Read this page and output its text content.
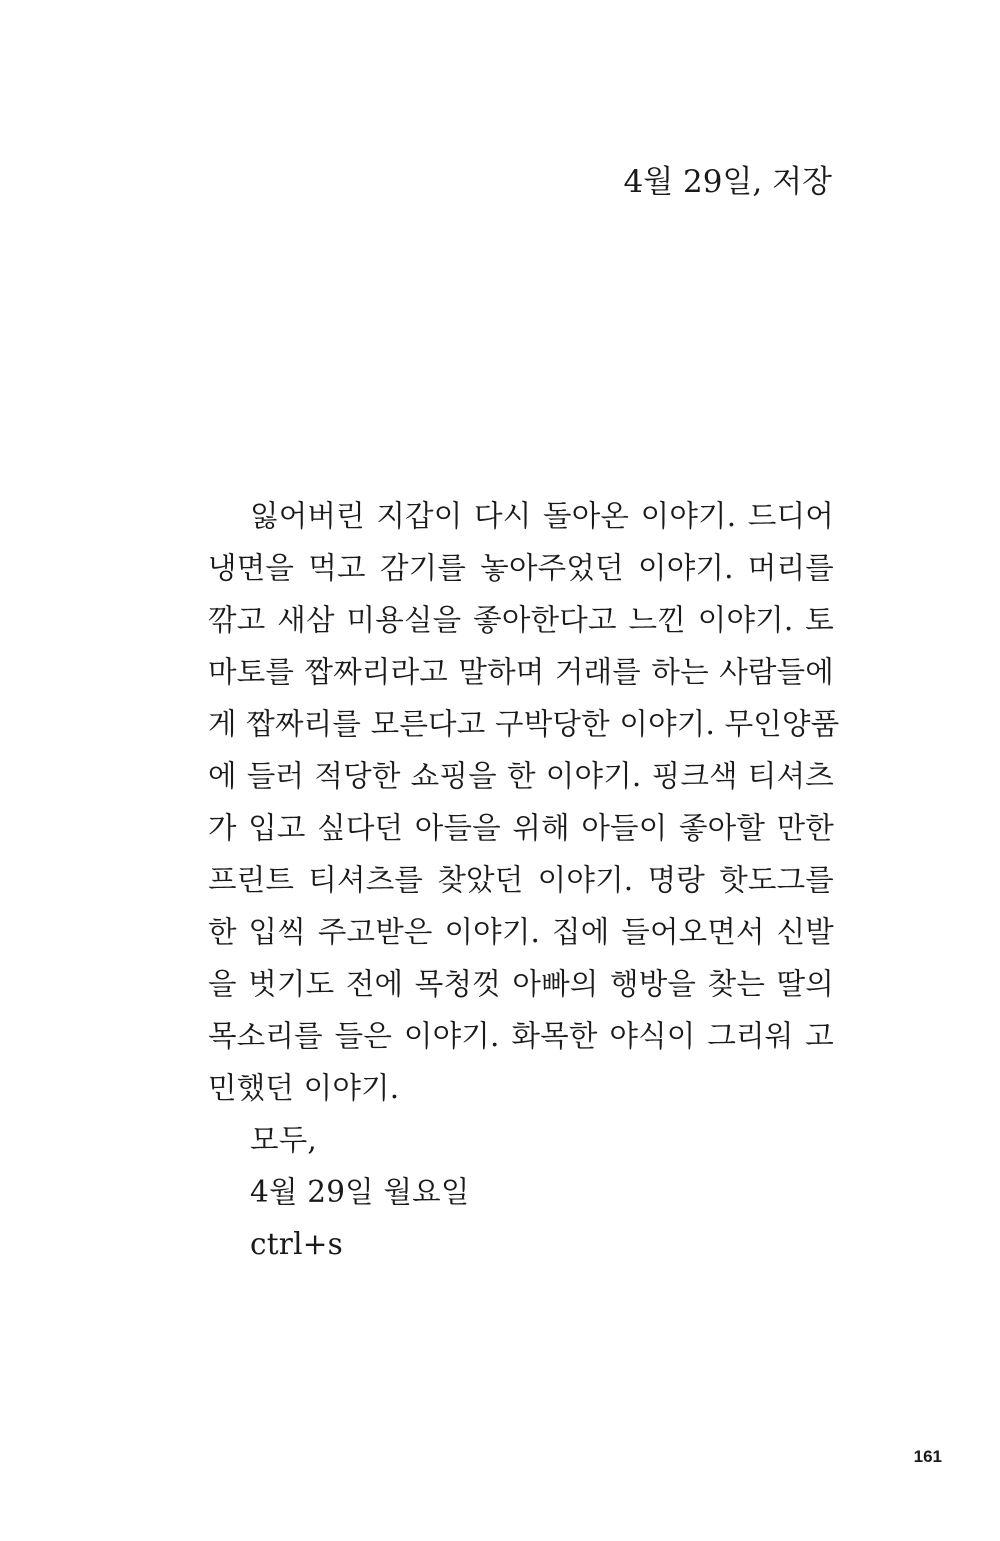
4월 29일, 저장
잃어버린 지갑이 다시 돌아온 이야기. 드디어
냉면을 먹고 감기를 놓아주었던 이야기. 머리를
깎고 새삼 미용실을 좋아한다고 느낀 이야기. 토
마토를 짭짜리라고 말하며 거래를 하는 사람들에
게 짭짜리를 모른다고 구박당한 이야기. 무인양품
에 들러 적당한 쇼핑을 한 이야기. 핑크색 티셔츠
가 입고 싶다던 아들을 위해 아들이 좋아할 만한
프린트 티셔츠를 찾았던 이야기. 명랑 핫도그를
한 입씩 주고받은 이야기. 집에 들어오면서 신발
을 벗기도 전에 목청껏 아빠의 행방을 찾는 딸의
목소리를 들은 이야기. 화목한 야식이 그리워 고
민했던 이야기.
모두,
4월 29일 월요일
ctrl+s

161
